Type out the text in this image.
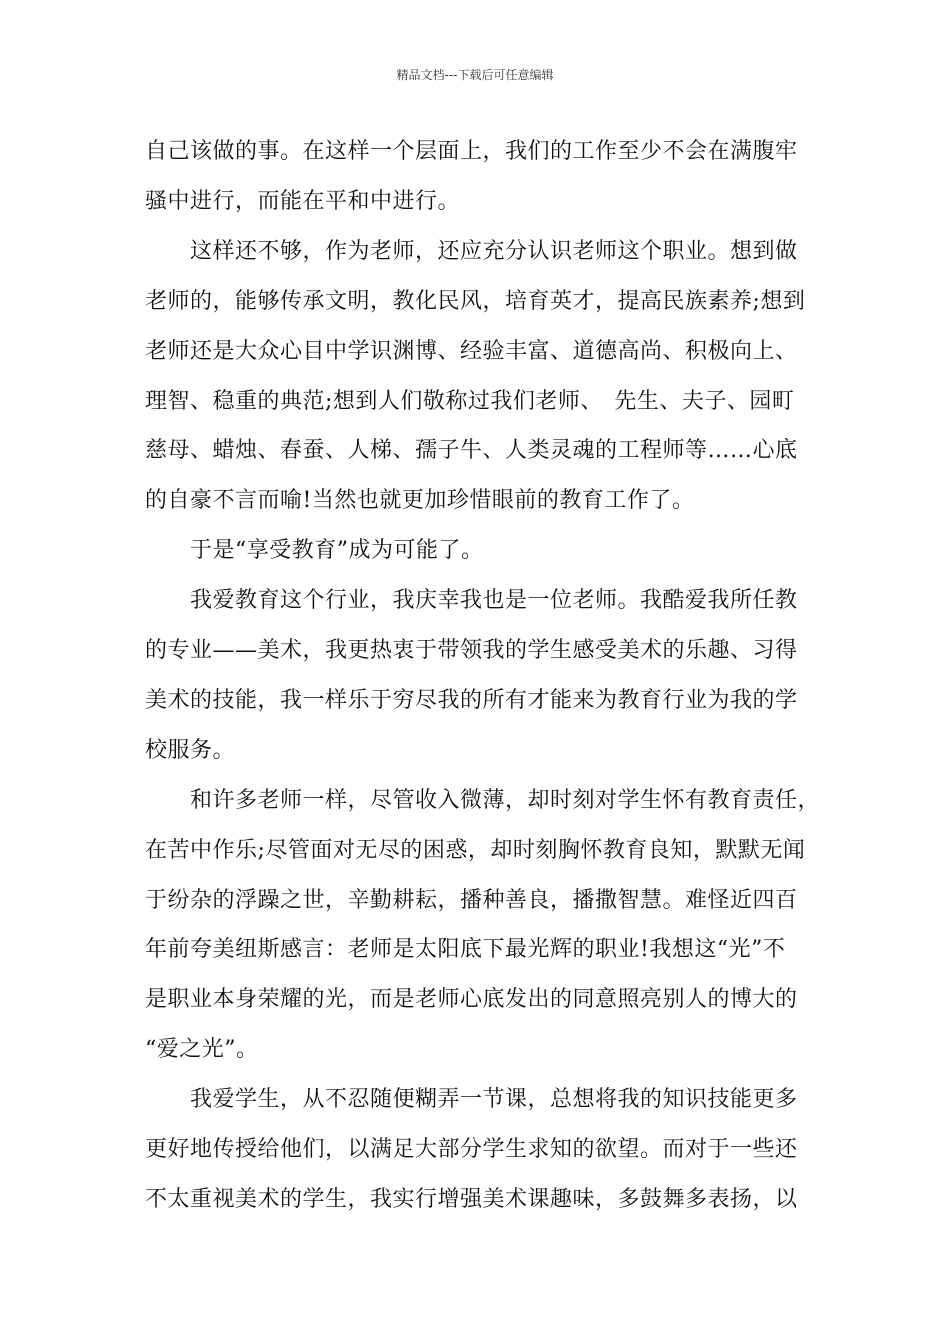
精品文档---下载后可任意编辑
自己该做的事。在这样一个层面上，我们的工作至少不会在满腹牢
骚中进行，而能在平和中进行。
这样还不够，作为老师，还应充分认识老师这个职业。想到做
老师的，能够传承文明，教化民风，培育英才，提高民族素养;想到
老师还是大众心目中学识渊博、经验丰富、道德高尚、积极向上、
理智、稳重的典范;想到人们敬称过我们老师、　先生、夫子、园町
慈母、蜡烛、春蚕、人梯、孺子牛、人类灵魂的工程师等……心底
的自豪不言而喻!当然也就更加珍惜眼前的教育工作了。
于是“享受教育”成为可能了。
我爱教育这个行业，我庆幸我也是一位老师。我酷爱我所任教
的专业——美术，我更热衷于带领我的学生感受美术的乐趣、习得
美术的技能，我一样乐于穷尽我的所有才能来为教育行业为我的学
校服务。
和许多老师一样，尽管收入微薄，却时刻对学生怀有教育责任，
在苦中作乐;尽管面对无尽的困惑，却时刻胸怀教育良知，默默无闻
于纷杂的浮躁之世，辛勤耕耘，播种善良，播撒智慧。难怪近四百
年前夸美纽斯感言：老师是太阳底下最光辉的职业!我想这“光”不
是职业本身荣耀的光，而是老师心底发出的同意照亮别人的博大的
“爱之光”。
我爱学生，从不忍随便糊弄一节课，总想将我的知识技能更多
更好地传授给他们，以满足大部分学生求知的欲望。而对于一些还
不太重视美术的学生，我实行增强美术课趣味，多鼓舞多表扬，以
